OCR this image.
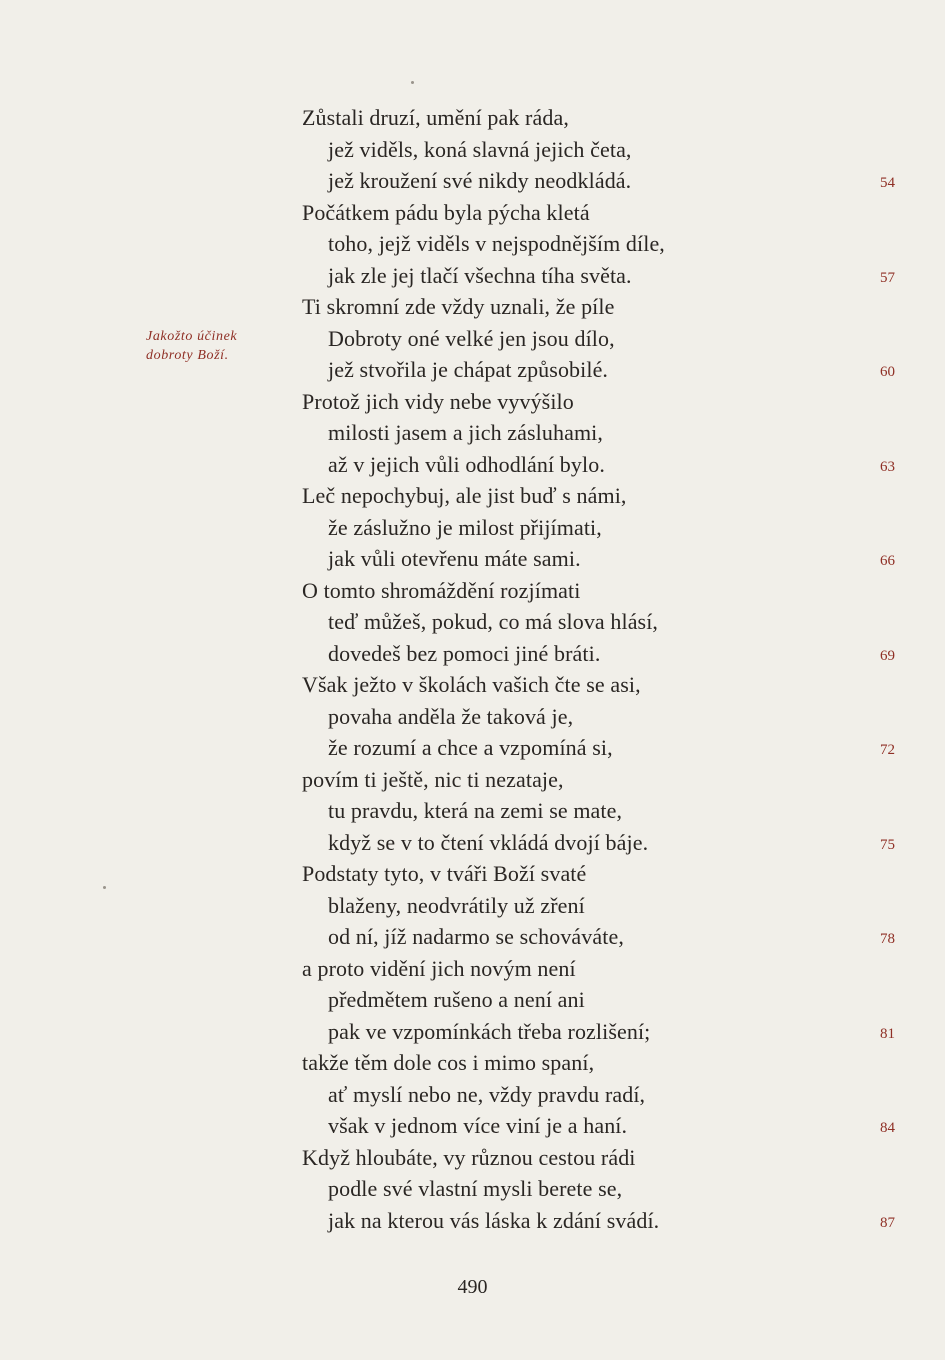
Jakožto účinek
dobroty Boží.
Zůstali druzí, umění pak ráda,
jež viděls, koná slavná jejich četa,
jež kroužení své nikdy neodkládá.
Počátkem pádu byla pýcha kletá
toho, jejž viděls v nejspodnějším díle,
jak zle jej tlačí všechna tíha světa.
Ti skromní zde vždy uznali, že píle
Dobroty oné velké jen jsou dílo,
jež stvořila je chápat způsobilé.
Protož jich vidy nebe vyvýšilo
milosti jasem a jich zásluhami,
až v jejich vůli odhodlání bylo.
Leč nepochybuj, ale jist buď s námi,
že záslužno je milost přijímati,
jak vůli otevřenu máte sami.
O tomto shromáždění rozjímati
teď můžeš, pokud, co má slova hlásí,
dovedeš bez pomoci jiné bráti.
Však ježto v školách vašich čte se asi,
povaha anděla že taková je,
že rozumí a chce a vzpomíná si,
povím ti ještě, nic ti nezataje,
tu pravdu, která na zemi se mate,
když se v to čtení vkládá dvojí báje.
Podstaty tyto, v tváři Boží svaté
blaženy, neodvrátily už zření
od ní, jíž nadarmo se schováváte,
a proto vidění jich novým není
předmětem rušeno a není ani
pak ve vzpomínkách třeba rozlišení;
takže těm dole cos i mimo spaní,
ať myslí nebo ne, vždy pravdu radí,
však v jednom více viní je a haní.
Když hloubáte, vy různou cestou rádi
podle své vlastní mysli berete se,
jak na kterou vás láska k zdání svádí.
54
57
60
63
66
69
72
75
78
81
84
87
490
